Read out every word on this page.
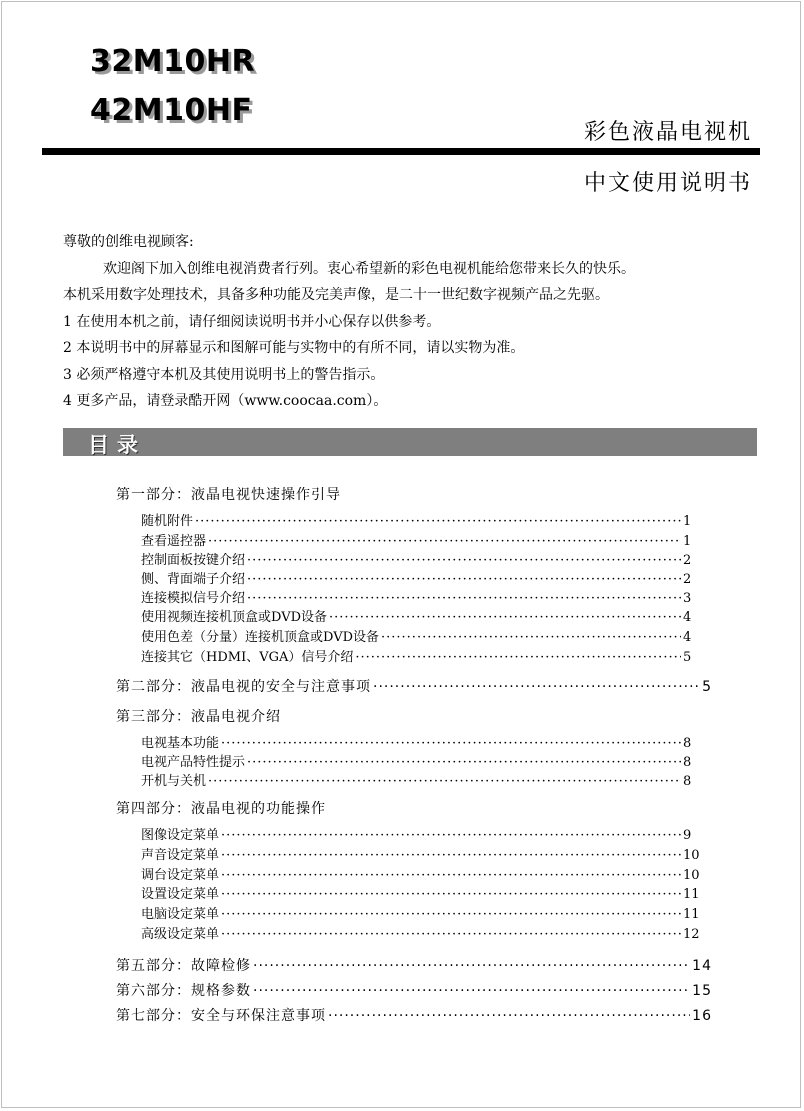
32M10HR
42M10HF
彩色液晶电视机
中文使用说明书
尊敬的创维电视顾客:
欢迎阁下加入创维电视消费者行列。衷心希望新的彩色电视机能给您带来长久的快乐。
本机采用数字处理技术，具备多种功能及完美声像，是二十一世纪数字视频产品之先驱。
1 在使用本机之前，请仔细阅读说明书并小心保存以供参考。
2 本说明书中的屏幕显示和图解可能与实物中的有所不同，请以实物为准。
3 必须严格遵守本机及其使用说明书上的警告指示。
4 更多产品，请登录酷开网（www.coocaa.com）。
目录
第一部分：液晶电视快速操作引导
随机附件 ·····	1
查看遥控器 ·····	1
控制面板按键介绍 ·····	2
侧、背面端子介绍 ·····	2
连接模拟信号介绍 ·····	3
使用视频连接机顶盒或DVD设备 ·····	4
使用色差（分量）连接机顶盒或DVD设备 ·····	4
连接其它（HDMI、VGA）信号介绍 ·····	5
第二部分：液晶电视的安全与注意事项 ·····	5
第三部分：液晶电视介绍
电视基本功能 ·····	8
电视产品特性提示 ·····	8
开机与关机 ·····	8
第四部分：液晶电视的功能操作
图像设定菜单 ·····	9
声音设定菜单 ·····	10
调台设定菜单 ·····	10
设置设定菜单 ·····	11
电脑设定菜单 ·····	11
高级设定菜单 ·····	12
第五部分：故障检修 ·····	14
第六部分：规格参数 ·····	15
第七部分：安全与环保注意事项 ·····	16
